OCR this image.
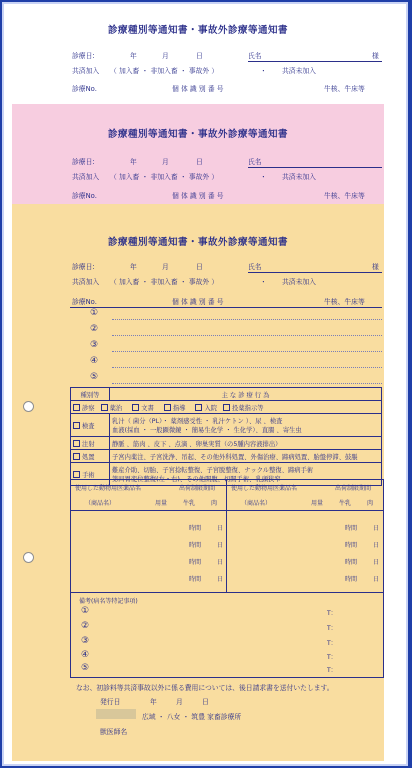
診療種別等通知書・事故外診療等通知書
診療日:	年	月	日	氏名	様
共済加入 （ 加入畜 ・ 非加入畜 ・ 事故外 ）	・ 共済未加入
診療No.	個 体 識 別 番 号	牛核、牛床等
診療種別等通知書・事故外診療等通知書
診療日:	年	月	日	氏名
共済加入 （ 加入畜 ・ 非加入畜 ・ 事故外 ）	・ 共済未加入
診療No.	個 体 識 別 番 号	牛核、牛床等
診療種別等通知書・事故外診療等通知書
診療日:	年	月	日	氏名	様
共済加入 （ 加入畜 ・ 非加入畜 ・ 事故外 ）	・ 共済未加入
診療No.	個 体 識 別 番 号	牛核、牛床等
①
②
③
④
⑤
種別等	主 な 診 療 行 為
診察 薬治 文書 指導 入院 投薬指示等	
検査	乳汁（ 菌分（PL）・ 薬剤感受性 ・ 乳汁ケトン ）、尿 、検査
血液(採血 ・ 一般顕微鏡 ・ 簡易生化学 ・ 生化学）、直腸 、寄生虫

注射	静脈 、筋肉 、皮下 、点滴 、卵巣実質（の5腫内容液排出）
処置	子宮内薬注、子宮洗浄、吊起、その他外科処置、外傷治療、蹄病処置、胎盤停滞、鼓脹
手術	難産介助、切胎、子宮捻転整復、子宮脱整復、ナックル整復、蹄病手術
第四胃変位整復(左・右)、その他開腹、切開手術、乳頭狭窄
使用した動物用医薬品名	出荷制限期間
（商品名）	用量	牛乳	肉
使用した動物用医薬品名	出荷制限期間
（商品名）	用量	牛乳	肉
時間	日
時間	日
時間	日
時間	日
時間	日
時間	日
時間	日
時間	日
備考(病名等特記事項)
①	T：
②	T：
③	T：
④	T：
⑤	T：
なお、初診料等共済事故以外に係る費用については、後日請求書を送付いたします。
発行日	年	月	日
広域 ・ 八女 ・ 筑豊 家畜診療所
獣医師名
